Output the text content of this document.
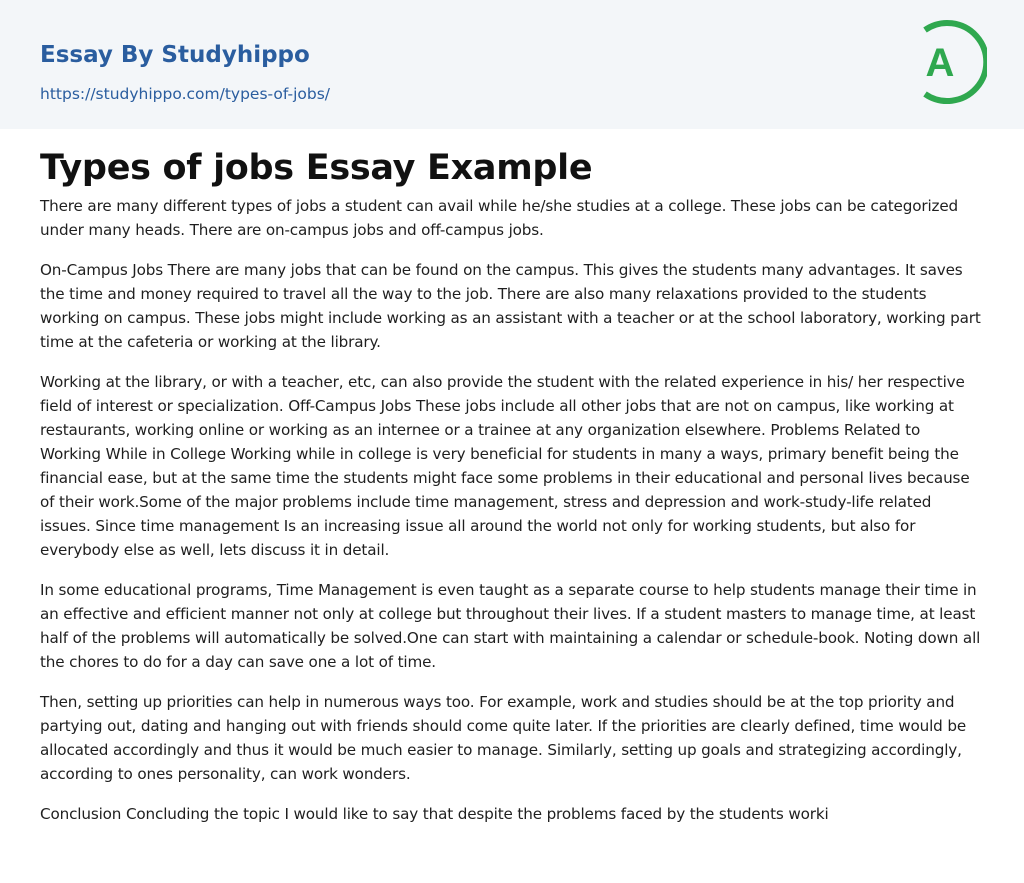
Essay By Studyhippo
https://studyhippo.com/types-of-jobs/
A
Types of jobs Essay Example

There are many different types of jobs a student can avail while he/she studies at a college. These jobs can be categorized under many heads. There are on-campus jobs and off-campus jobs.

On-Campus Jobs There are many jobs that can be found on the campus. This gives the students many advantages. It saves the time and money required to travel all the way to the job. There are also many relaxations provided to the students working on campus. These jobs might include working as an assistant with a teacher or at the school laboratory, working part time at the cafeteria or working at the library.

Working at the library, or with a teacher, etc, can also provide the student with the related experience in his/ her respective field of interest or specialization. Off-Campus Jobs These jobs include all other jobs that are not on campus, like working at restaurants, working online or working as an internee or a trainee at any organization elsewhere. Problems Related to Working While in College Working while in college is very beneficial for students in many a ways, primary benefit being the financial ease, but at the same time the students might face some problems in their educational and personal lives because of their work.Some of the major problems include time management, stress and depression and work-study-life related issues. Since time management Is an increasing issue all around the world not only for working students, but also for everybody else as well, lets discuss it in detail.

In some educational programs, Time Management is even taught as a separate course to help students manage their time in an effective and efficient manner not only at college but throughout their lives. If a student masters to manage time, at least half of the problems will automatically be solved.One can start with maintaining a calendar or schedule-book. Noting down all the chores to do for a day can save one a lot of time.

Then, setting up priorities can help in numerous ways too. For example, work and studies should be at the top priority and partying out, dating and hanging out with friends should come quite later. If the priorities are clearly defined, time would be allocated accordingly and thus it would be much easier to manage. Similarly, setting up goals and strategizing accordingly, according to ones personality, can work wonders.

Conclusion Concluding the topic I would like to say that despite the problems faced by the students worki
